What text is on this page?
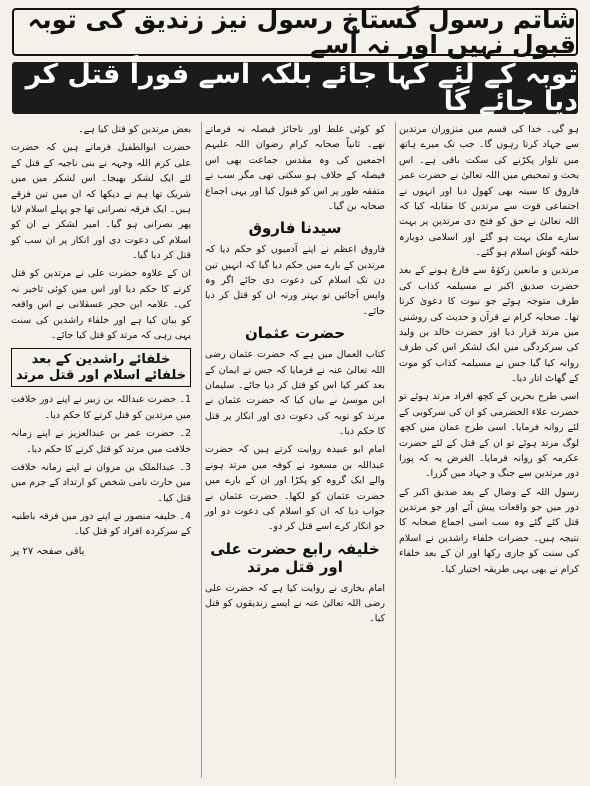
شاتم رسول گستاخ رسول نیز زندیق کی توبہ قبول نہیں اور نہ اُسے
توبہ کے لئے کہا جائے بلکہ اسے فوراً قتل کر دیا جائے گا

ہو گی۔ خدا کی قسم میں منزوران مرتدین سے جہاد کرتا رہوں گا۔ جب تک میرے ہاتھ میں تلوار پکڑنے کی سکت باقی ہے۔ اس بحث و تمحیص میں اللہ تعالیٰ نے حضرت عمر فاروق کا سینہ بھی کھول دیا اور انہوں نے اجتماعی قوت سے مرتدین کا مقابلہ کیا کہ اللہ تعالیٰ نے حق کو فتح دی مرتدین پر بہت سارے ملک بہت ہو گئے اور اسلامی دوبارہ حلقہ گوش اسلام ہو گئے۔

مرتدین و مانعین زکوٰۃ سے فارغ ہونے کے بعد حضرت صدیق اکبر نے مسیلمہ کذاب کی طرف متوجہ ہوئے جو نبوت کا دعویٰ کرتا تھا۔ صحابہ کرام نے قرآن و حدیث کی روشنی میں مرتد قرار دیا اور حضرت خالد بن ولید کی سرکردگی میں ایک لشکر اس کی طرف روانہ کیا گیا جس نے مسیلمہ کذاب کو موت کے گھاٹ اتار دیا۔

اسی طرح بحرین کے کچھ افراد مرتد ہوئے تو حضرت علاء الحضرمی کو ان کی سرکوبی کے لئے روانہ فرمایا۔ اسی طرح عمان میں کچھ لوگ مرتد ہوئے تو ان کے قتل کے لئے حضرت عکرمہ کو روانہ فرمایا۔ الغرض یہ کہ پورا دور مرتدین سے جنگ و جہاد میں گزرا۔

رسول اللہ کے وصال کے بعد صدیق اکبر کے دور میں جو واقعات پیش آئے اور جو مرتدین قتل کئے گئے وہ سب اسی اجماع صحابہ کا نتیجہ ہیں۔ حضرات خلفاء راشدین نے اسلام کی سنت کو جاری رکھا اور ان کے بعد خلفاء کرام نے بھی یہی طریقہ اختیار کیا۔

کو کوئی غلط اور ناجائز فیصلہ نہ فرماتے تھے۔ ثانیاً صحابہ کرام رضوان اللہ علیہم اجمعین کی وہ مقدس جماعت بھی اس فیصلہ کے خلاف ہو سکتی تھی مگر سب نے متفقہ طور پر اس کو قبول کیا اور یہی اجماع صحابہ بن گیا۔

سیدنا فاروق

فاروق اعظم نے اپنے آدمیوں کو حکم دیا کہ مرتدین کے بارے میں حکم دیا گیا کہ انہیں تین دن تک اسلام کی دعوت دی جائے اگر وہ واپس آجائیں تو بہتر ورنہ ان کو قتل کر دیا جائے۔

حضرت عثمان

کتاب العمال میں ہے کہ حضرت عثمان رضی اللہ تعالیٰ عنہ نے فرمایا کہ جس نے ایمان کے بعد کفر کیا اس کو قتل کر دیا جائے۔ سلیمان ابن موسیٰ نے بیان کیا کہ حضرت عثمان نے مرتد کو توبہ کی دعوت دی اور انکار پر قتل کا حکم دیا۔

امام ابو عبیدہ روایت کرتے ہیں کہ حضرت عبداللہ بن مسعود نے کوفہ میں مرتد ہونے والے ایک گروہ کو پکڑا اور ان کے بارے میں حضرت عثمان کو لکھا۔ حضرت عثمان نے جواب دیا کہ ان کو اسلام کی دعوت دو اور جو انکار کرے اسے قتل کر دو۔

خلیفہ رابع حضرت علی اور قتل مرتد

امام بخاری نے روایت کیا ہے کہ حضرت علی رضی اللہ تعالیٰ عنہ نے ایسے زندیقوں کو قتل کیا۔

بعض مرتدین کو قتل کیا ہے۔

حضرت ابوالطفیل فرماتے ہیں کہ حضرت علی کرم اللہ وجہہ نے بنی ناجیہ کے قتل کے لئے ایک لشکر بھیجا۔ اس لشکر میں میں شریک تھا ہم نے دیکھا کہ ان میں تین فرقے ہیں۔ ایک فرقہ نصرانی تھا جو پہلے اسلام لایا پھر نصرانی ہو گیا۔ امیر لشکر نے ان کو اسلام کی دعوت دی اور انکار پر ان سب کو قتل کر دیا گیا۔

ان کے علاوہ حضرت علی نے مرتدین کو قتل کرنے کا حکم دیا اور اس میں کوئی تاخیر نہ کی۔ علامہ ابن حجر عسقلانی نے اس واقعہ کو بیان کیا ہے اور خلفاء راشدین کی سنت یہی رہی کہ مرتد کو قتل کیا جائے۔

خلفائے راشدین کے بعد خلفائے اسلام اور قتل مرتد

1۔ حضرت عبداللہ بن زبیر نے اپنے دور خلافت میں مرتدین کو قتل کرنے کا حکم دیا۔

2۔ حضرت عمر بن عبدالعزیز نے اپنے زمانہ خلافت میں مرتد کو قتل کرنے کا حکم دیا۔

3۔ عبدالملک بن مروان نے اپنے زمانہ خلافت میں حارث نامی شخص کو ارتداد کے جرم میں قتل کیا۔

4۔ خلیفہ منصور نے اپنے دور میں فرقہ باطنیہ کے سرکردہ افراد کو قتل کیا۔

باقی صفحہ ۲۷ پر
